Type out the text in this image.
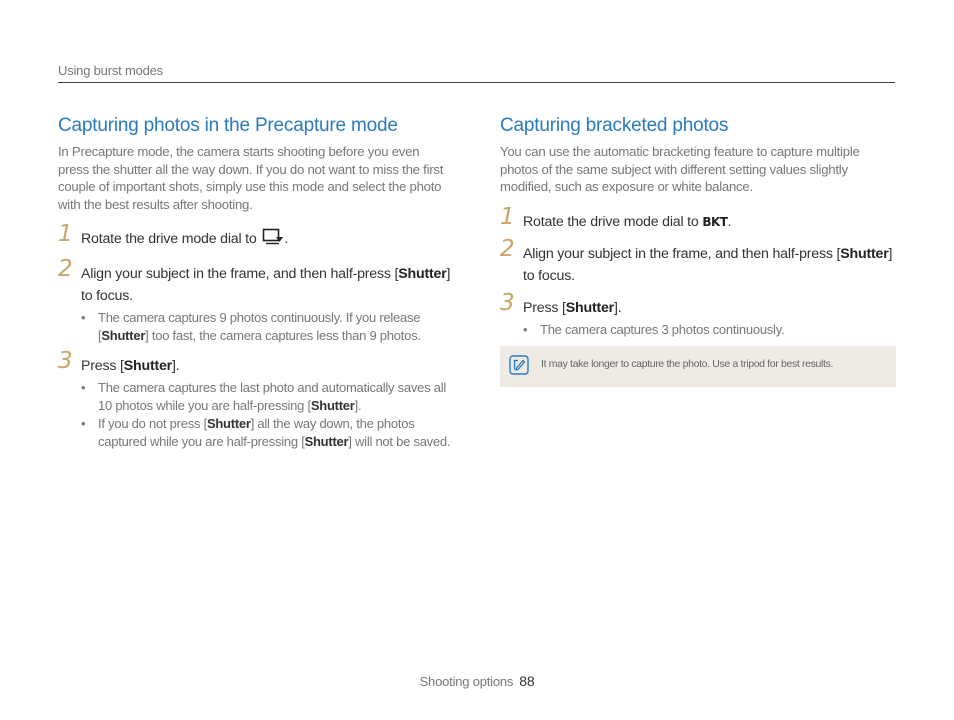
Using burst modes
Capturing photos in the Precapture mode

In Precapture mode, the camera starts shooting before you even press the shutter all the way down. If you do not want to miss the first couple of important shots, simply use this mode and select the photo with the best results after shooting.

1 Rotate the drive mode dial to .
2 Align your subject in the frame, and then half-press [Shutter] to focus.
• The camera captures 9 photos continuously. If you release [Shutter] too fast, the camera captures less than 9 photos.
3 Press [Shutter].
• The camera captures the last photo and automatically saves all 10 photos while you are half-pressing [Shutter].
• If you do not press [Shutter] all the way down, the photos captured while you are half-pressing [Shutter] will not be saved.
Capturing bracketed photos

You can use the automatic bracketing feature to capture multiple photos of the same subject with different setting values slightly modified, such as exposure or white balance.

1 Rotate the drive mode dial to BKT.
2 Align your subject in the frame, and then half-press [Shutter] to focus.
3 Press [Shutter].
• The camera captures 3 photos continuously.
It may take longer to capture the photo. Use a tripod for best results.
Shooting options 88
